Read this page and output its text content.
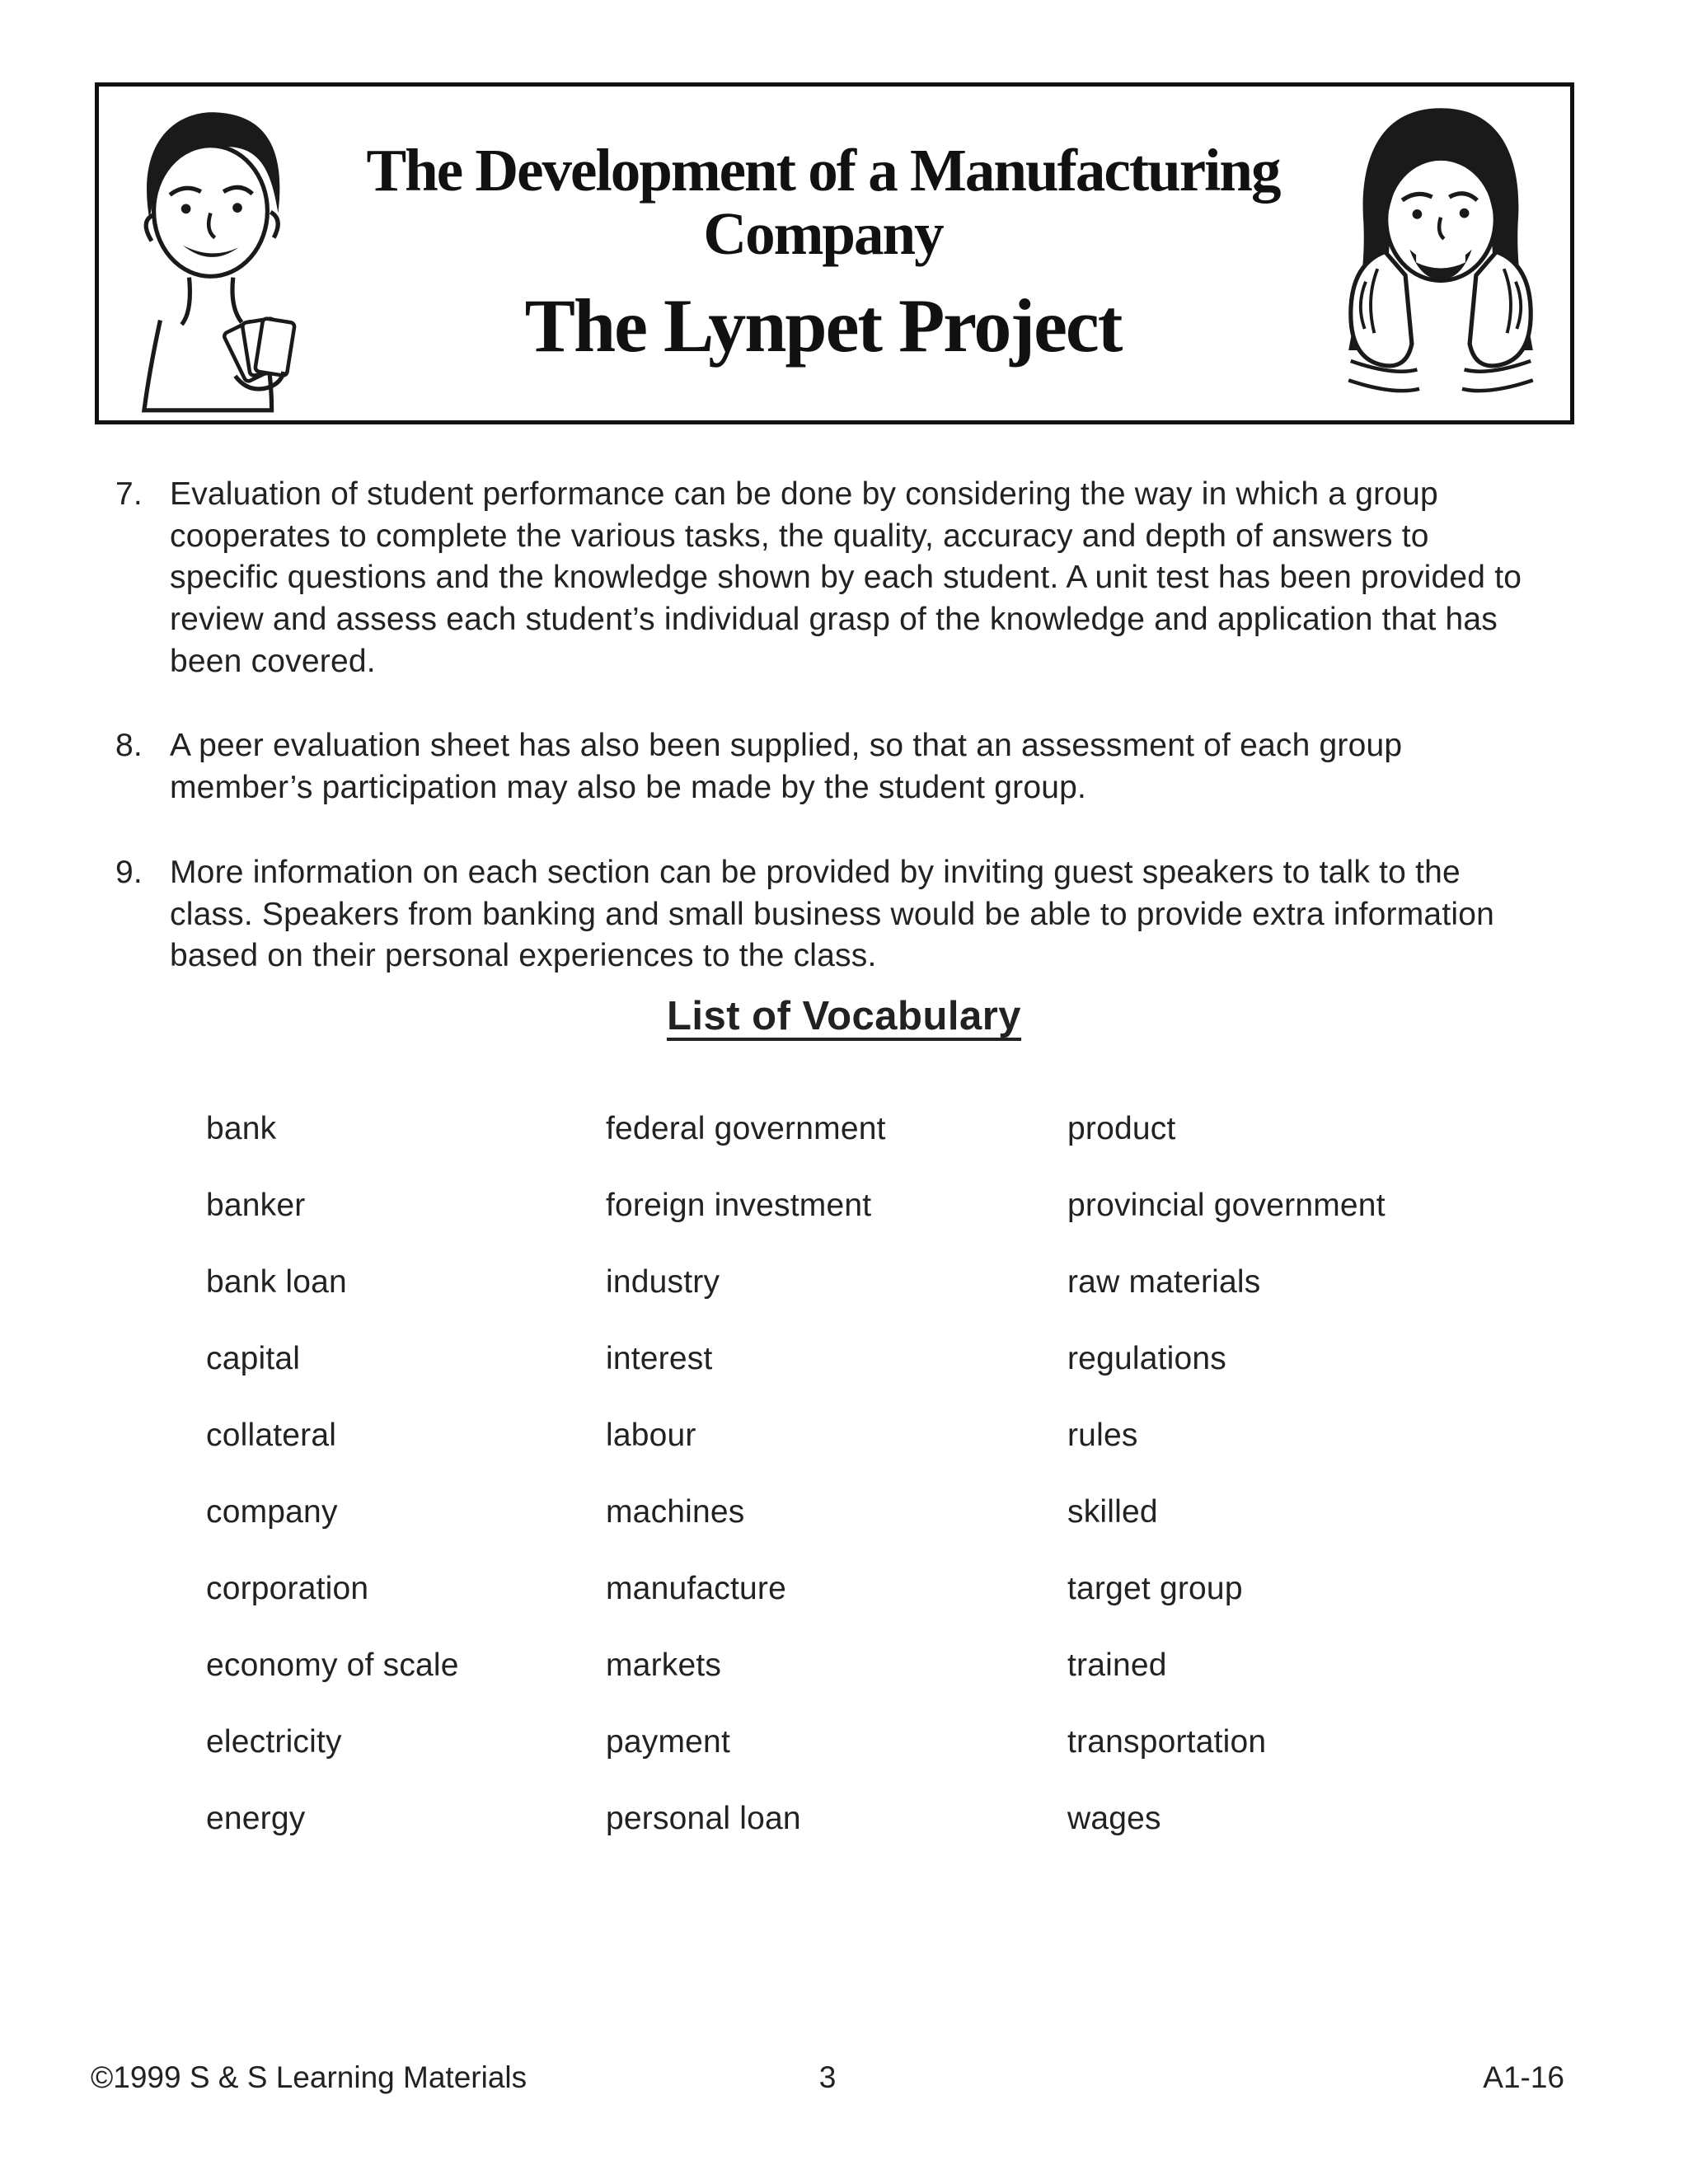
The Development of a Manufacturing Company
The Lynpet Project
7. Evaluation of student performance can be done by considering the way in which a group cooperates to complete the various tasks, the quality, accuracy and depth of answers to specific questions and the knowledge shown by each student. A unit test has been provided to review and assess each student’s individual grasp of the knowledge and application that has been covered.
8. A peer evaluation sheet has also been supplied, so that an assessment of each group member’s participation may also be made by the student group.
9. More information on each section can be provided by inviting guest speakers to talk to the class. Speakers from banking and small business would be able to provide extra information based on their personal experiences to the class.
List of Vocabulary
bank
banker
bank loan
capital
collateral
company
corporation
economy of scale
electricity
energy
federal government
foreign investment
industry
interest
labour
machines
manufacture
markets
payment
personal loan
product
provincial government
raw materials
regulations
rules
skilled
target group
trained
transportation
wages
©1999 S & S Learning Materials	3	A1-16
